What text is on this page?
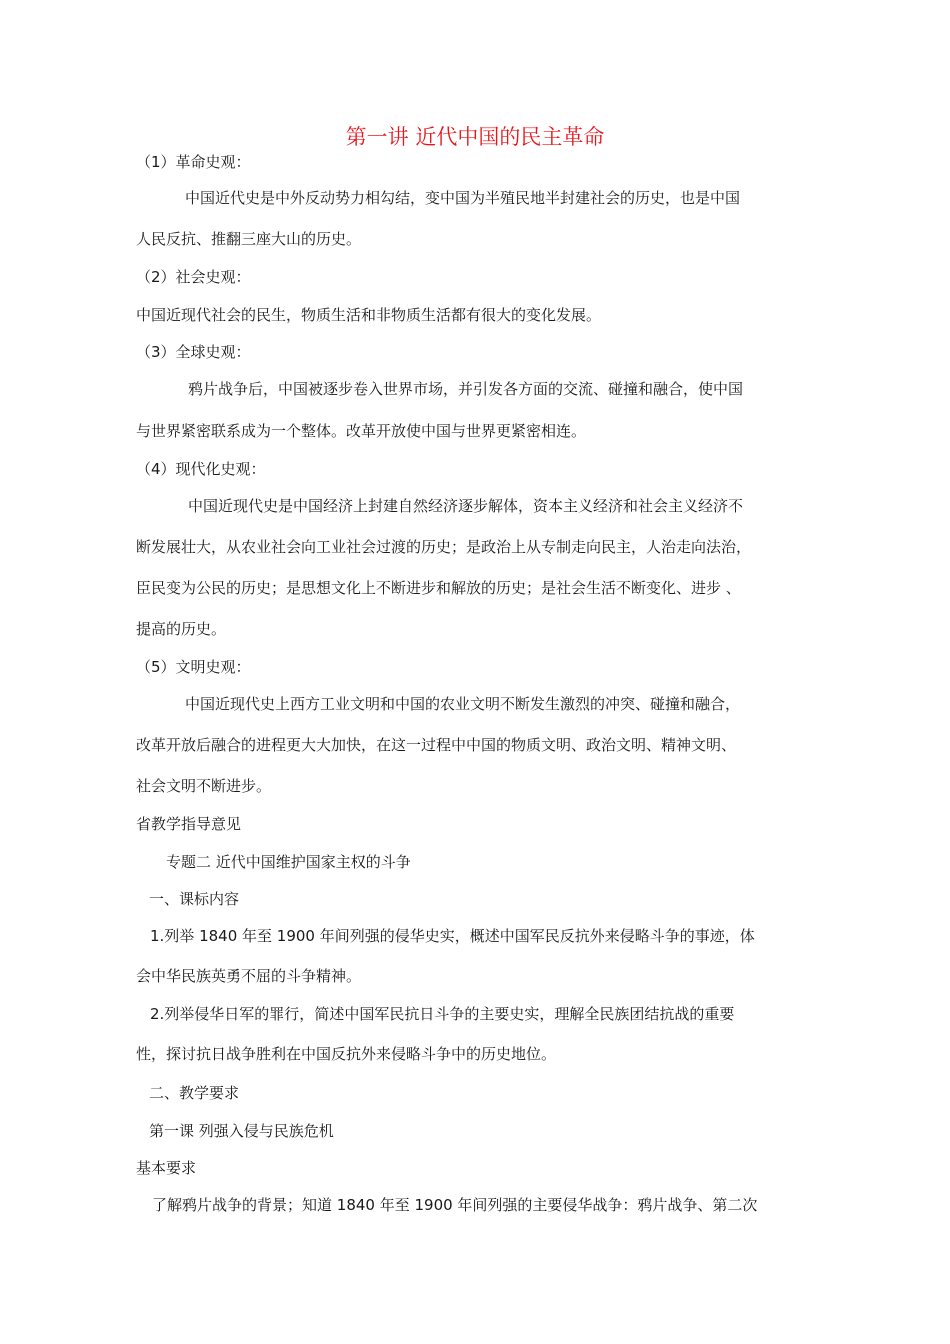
第一讲 近代中国的民主革命
（1）革命史观：
中国近代史是中外反动势力相勾结，变中国为半殖民地半封建社会的历史，也是中国
人民反抗、推翻三座大山的历史。
（2）社会史观：
中国近现代社会的民生，物质生活和非物质生活都有很大的变化发展。
（3）全球史观：
鸦片战争后，中国被逐步卷入世界市场，并引发各方面的交流、碰撞和融合，使中国
与世界紧密联系成为一个整体。改革开放使中国与世界更紧密相连。
（4）现代化史观：
中国近现代史是中国经济上封建自然经济逐步解体，资本主义经济和社会主义经济不
断发展壮大，从农业社会向工业社会过渡的历史；是政治上从专制走向民主，人治走向法治，
臣民变为公民的历史；是思想文化上不断进步和解放的历史；是社会生活不断变化、进步 、
提高的历史。
（5）文明史观：
中国近现代史上西方工业文明和中国的农业文明不断发生激烈的冲突、碰撞和融合，
改革开放后融合的进程更大大加快，在这一过程中中国的物质文明、政治文明、精神文明、
社会文明不断进步。
省教学指导意见
专题二 近代中国维护国家主权的斗争
一、课标内容
1.列举 1840 年至 1900 年间列强的侵华史实，概述中国军民反抗外来侵略斗争的事迹，体
会中华民族英勇不屈的斗争精神。
2.列举侵华日军的罪行，简述中国军民抗日斗争的主要史实，理解全民族团结抗战的重要
性，探讨抗日战争胜利在中国反抗外来侵略斗争中的历史地位。
二、教学要求
第一课 列强入侵与民族危机
基本要求
了解鸦片战争的背景；知道 1840 年至 1900 年间列强的主要侵华战争：鸦片战争、第二次
